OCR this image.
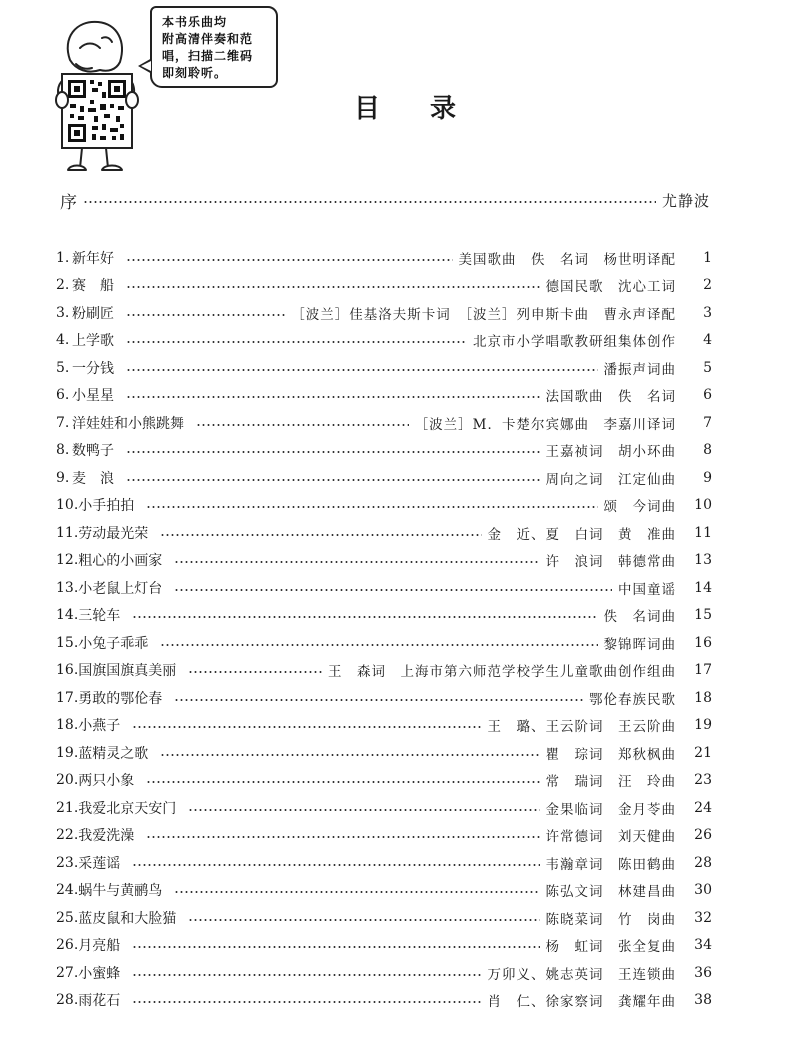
本书乐曲均
附高清伴奏和范
唱，扫描二维码
即刻聆听。
目录
序	尤静波
1. 新年好	美国歌曲　佚　名词　杨世明译配	1
2. 赛　船	德国民歌　沈心工词	2
3. 粉刷匠	［波兰］佳基洛夫斯卡词　［波兰］列申斯卡曲　曹永声译配	3
4. 上学歌	北京市小学唱歌教研组集体创作	4
5. 一分钱	潘振声词曲	5
6. 小星星	法国歌曲　佚　名词	6
7. 洋娃娃和小熊跳舞	［波兰］M．卡楚尔宾娜曲　李嘉川译词	7
8. 数鸭子	王嘉祯词　胡小环曲	8
9. 麦　浪	周向之词　江定仙曲	9
10. 小手拍拍	颂　今词曲	10
11. 劳动最光荣	金　近、夏　白词　黄　准曲	11
12. 粗心的小画家	许　浪词　韩德常曲	13
13. 小老鼠上灯台	中国童谣	14
14. 三轮车	佚　名词曲	15
15. 小兔子乖乖	黎锦晖词曲	16
16. 国旗国旗真美丽	王　森词　上海市第六师范学校学生儿童歌曲创作组曲	17
17. 勇敢的鄂伦春	鄂伦春族民歌	18
18. 小燕子	王　璐、王云阶词　王云阶曲	19
19. 蓝精灵之歌	瞿　琮词　郑秋枫曲	21
20. 两只小象	常　瑞词　汪　玲曲	23
21. 我爱北京天安门	金果临词　金月苓曲	24
22. 我爱洗澡	许常德词　刘天健曲	26
23. 采莲谣	韦瀚章词　陈田鹤曲	28
24. 蜗牛与黄鹂鸟	陈弘文词　林建昌曲	30
25. 蓝皮鼠和大脸猫	陈晓菜词　竹　岗曲	32
26. 月亮船	杨　虹词　张全复曲	34
27. 小蜜蜂	万卯义、姚志英词　王连锁曲	36
28. 雨花石	肖　仁、徐家察词　龚耀年曲	38
